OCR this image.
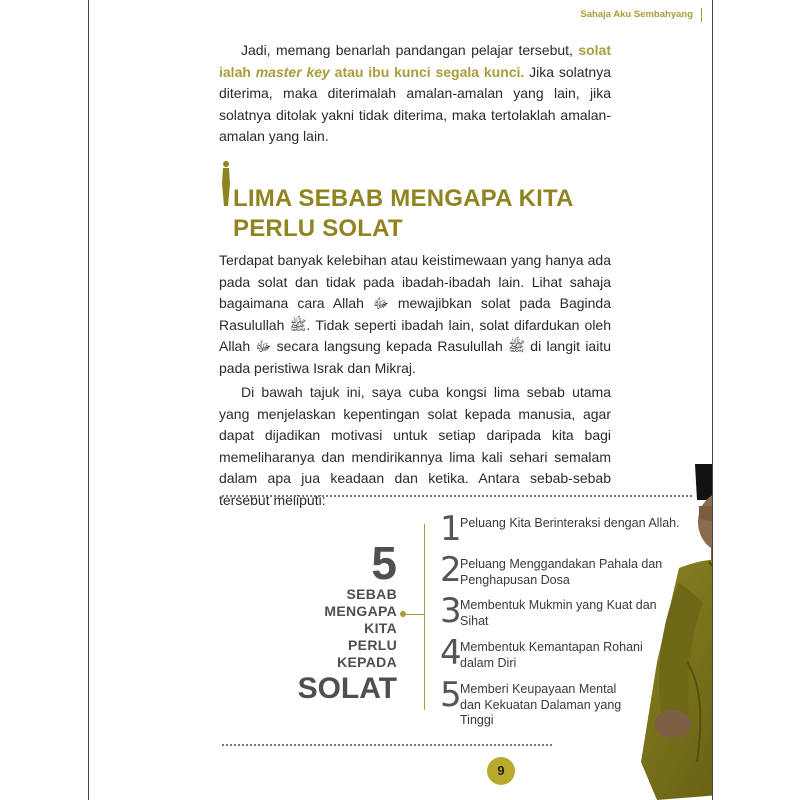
Sahaja Aku Sembahyang

Jadi, memang benarlah pandangan pelajar tersebut, solat ialah master key atau ibu kunci segala kunci. Jika solatnya diterima, maka diterimalah amalan-amalan yang lain, jika solatnya ditolak yakni tidak diterima, maka tertolaklah amalan-amalan yang lain.

LIMA SEBAB MENGAPA KITA
PERLU SOLAT

Terdapat banyak kelebihan atau keistimewaan yang hanya ada pada solat dan tidak pada ibadah-ibadah lain. Lihat sahaja bagaimana cara Allah ﷻ mewajibkan solat pada Baginda Rasulullah ﷺ. Tidak seperti ibadah lain, solat difardukan oleh Allah ﷻ secara langsung kepada Rasulullah ﷺ di langit iaitu pada peristiwa Israk dan Mikraj.

Di bawah tajuk ini, saya cuba kongsi lima sebab utama yang menjelaskan kepentingan solat kepada manusia, agar dapat dijadikan motivasi untuk setiap daripada kita bagi memeliharanya dan mendirikannya lima kali sehari semalam dalam apa jua keadaan dan ketika. Antara sebab-sebab tersebut meliputi:

5
SEBAB
MENGAPA
KITA
PERLU
KEPADA
SOLAT
1
Peluang Kita Berinteraksi dengan Allah.
2
Peluang Menggandakan Pahala dan Penghapusan Dosa
3
Membentuk Mukmin yang Kuat dan Sihat
4
Membentuk Kemantapan Rohani dalam Diri
5
Memberi Keupayaan Mental dan Kekuatan Dalaman yang Tinggi
9
